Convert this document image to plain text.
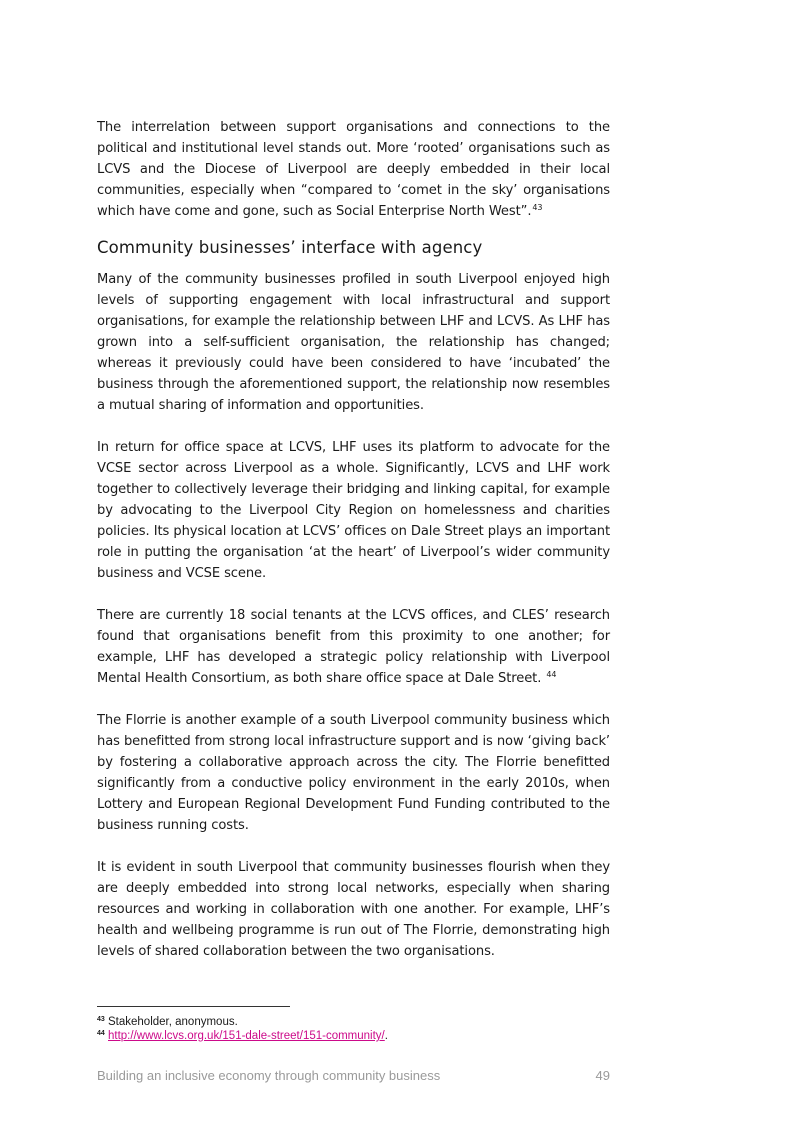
The interrelation between support organisations and connections to the political and institutional level stands out. More ‘rooted’ organisations such as LCVS and the Diocese of Liverpool are deeply embedded in their local communities, especially when “compared to ‘comet in the sky’ organisations which have come and gone, such as Social Enterprise North West”.$^{43}$

Community businesses’ interface with agency

Many of the community businesses profiled in south Liverpool enjoyed high levels of supporting engagement with local infrastructural and support organisations, for example the relationship between LHF and LCVS. As LHF has grown into a self-sufficient organisation, the relationship has changed; whereas it previously could have been considered to have ‘incubated’ the business through the aforementioned support, the relationship now resembles a mutual sharing of information and opportunities.

In return for office space at LCVS, LHF uses its platform to advocate for the VCSE sector across Liverpool as a whole. Significantly, LCVS and LHF work together to collectively leverage their bridging and linking capital, for example by advocating to the Liverpool City Region on homelessness and charities policies. Its physical location at LCVS’ offices on Dale Street plays an important role in putting the organisation ‘at the heart’ of Liverpool’s wider community business and VCSE scene.

There are currently 18 social tenants at the LCVS offices, and CLES’ research found that organisations benefit from this proximity to one another; for example, LHF has developed a strategic policy relationship with Liverpool Mental Health Consortium, as both share office space at Dale Street. $^{44}$

The Florrie is another example of a south Liverpool community business which has benefitted from strong local infrastructure support and is now ‘giving back’ by fostering a collaborative approach across the city. The Florrie benefitted significantly from a conductive policy environment in the early 2010s, when Lottery and European Regional Development Fund Funding contributed to the business running costs.

It is evident in south Liverpool that community businesses flourish when they are deeply embedded into strong local networks, especially when sharing resources and working in collaboration with one another. For example, LHF’s health and wellbeing programme is run out of The Florrie, demonstrating high levels of shared collaboration between the two organisations.

$^{43}$ Stakeholder, anonymous.

$^{44}$ http://www.lcvs.org.uk/151-dale-street/151-community/.

Building an inclusive economy through community business	49
